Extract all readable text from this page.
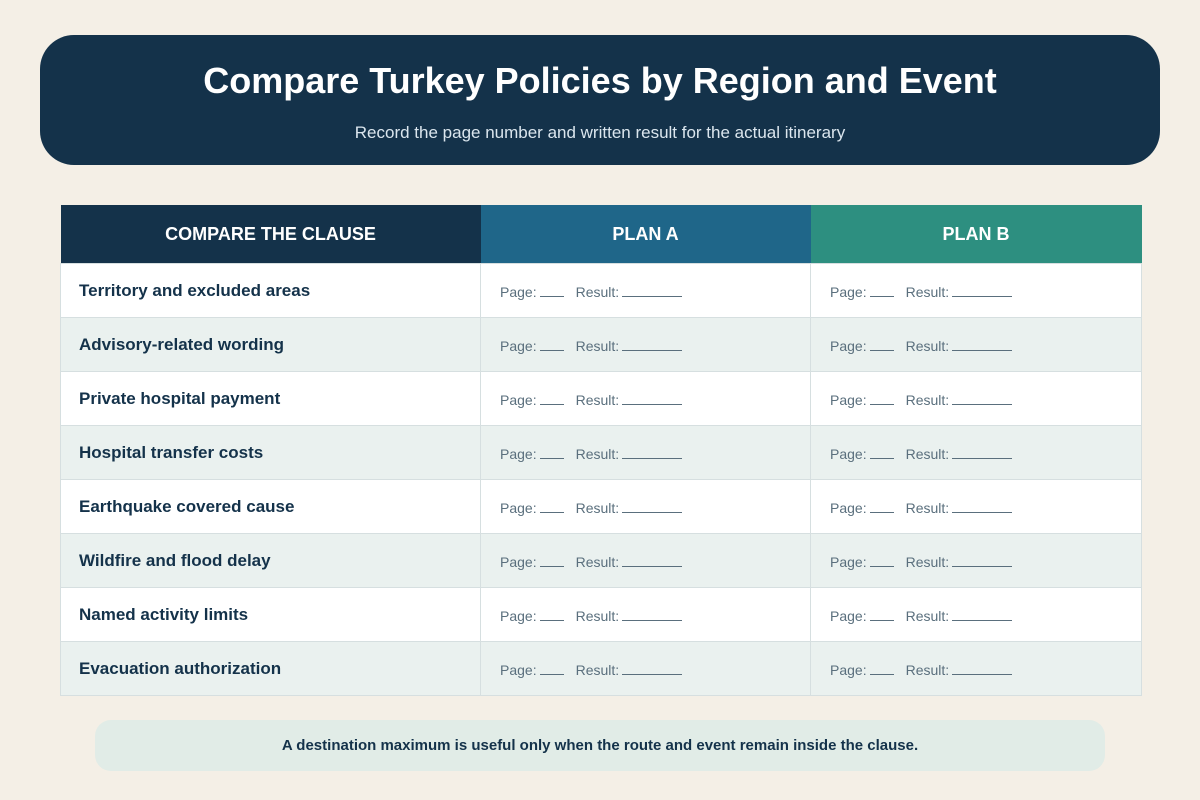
Compare Turkey Policies by Region and Event
Record the page number and written result for the actual itinerary
COMPARE THE CLAUSE	PLAN A	PLAN B
Territory and excluded areas	Page: Result:	Page: Result:
Advisory-related wording	Page: Result:	Page: Result:
Private hospital payment	Page: Result:	Page: Result:
Hospital transfer costs	Page: Result:	Page: Result:
Earthquake covered cause	Page: Result:	Page: Result:
Wildfire and flood delay	Page: Result:	Page: Result:
Named activity limits	Page: Result:	Page: Result:
Evacuation authorization	Page: Result:	Page: Result:
A destination maximum is useful only when the route and event remain inside the clause.
